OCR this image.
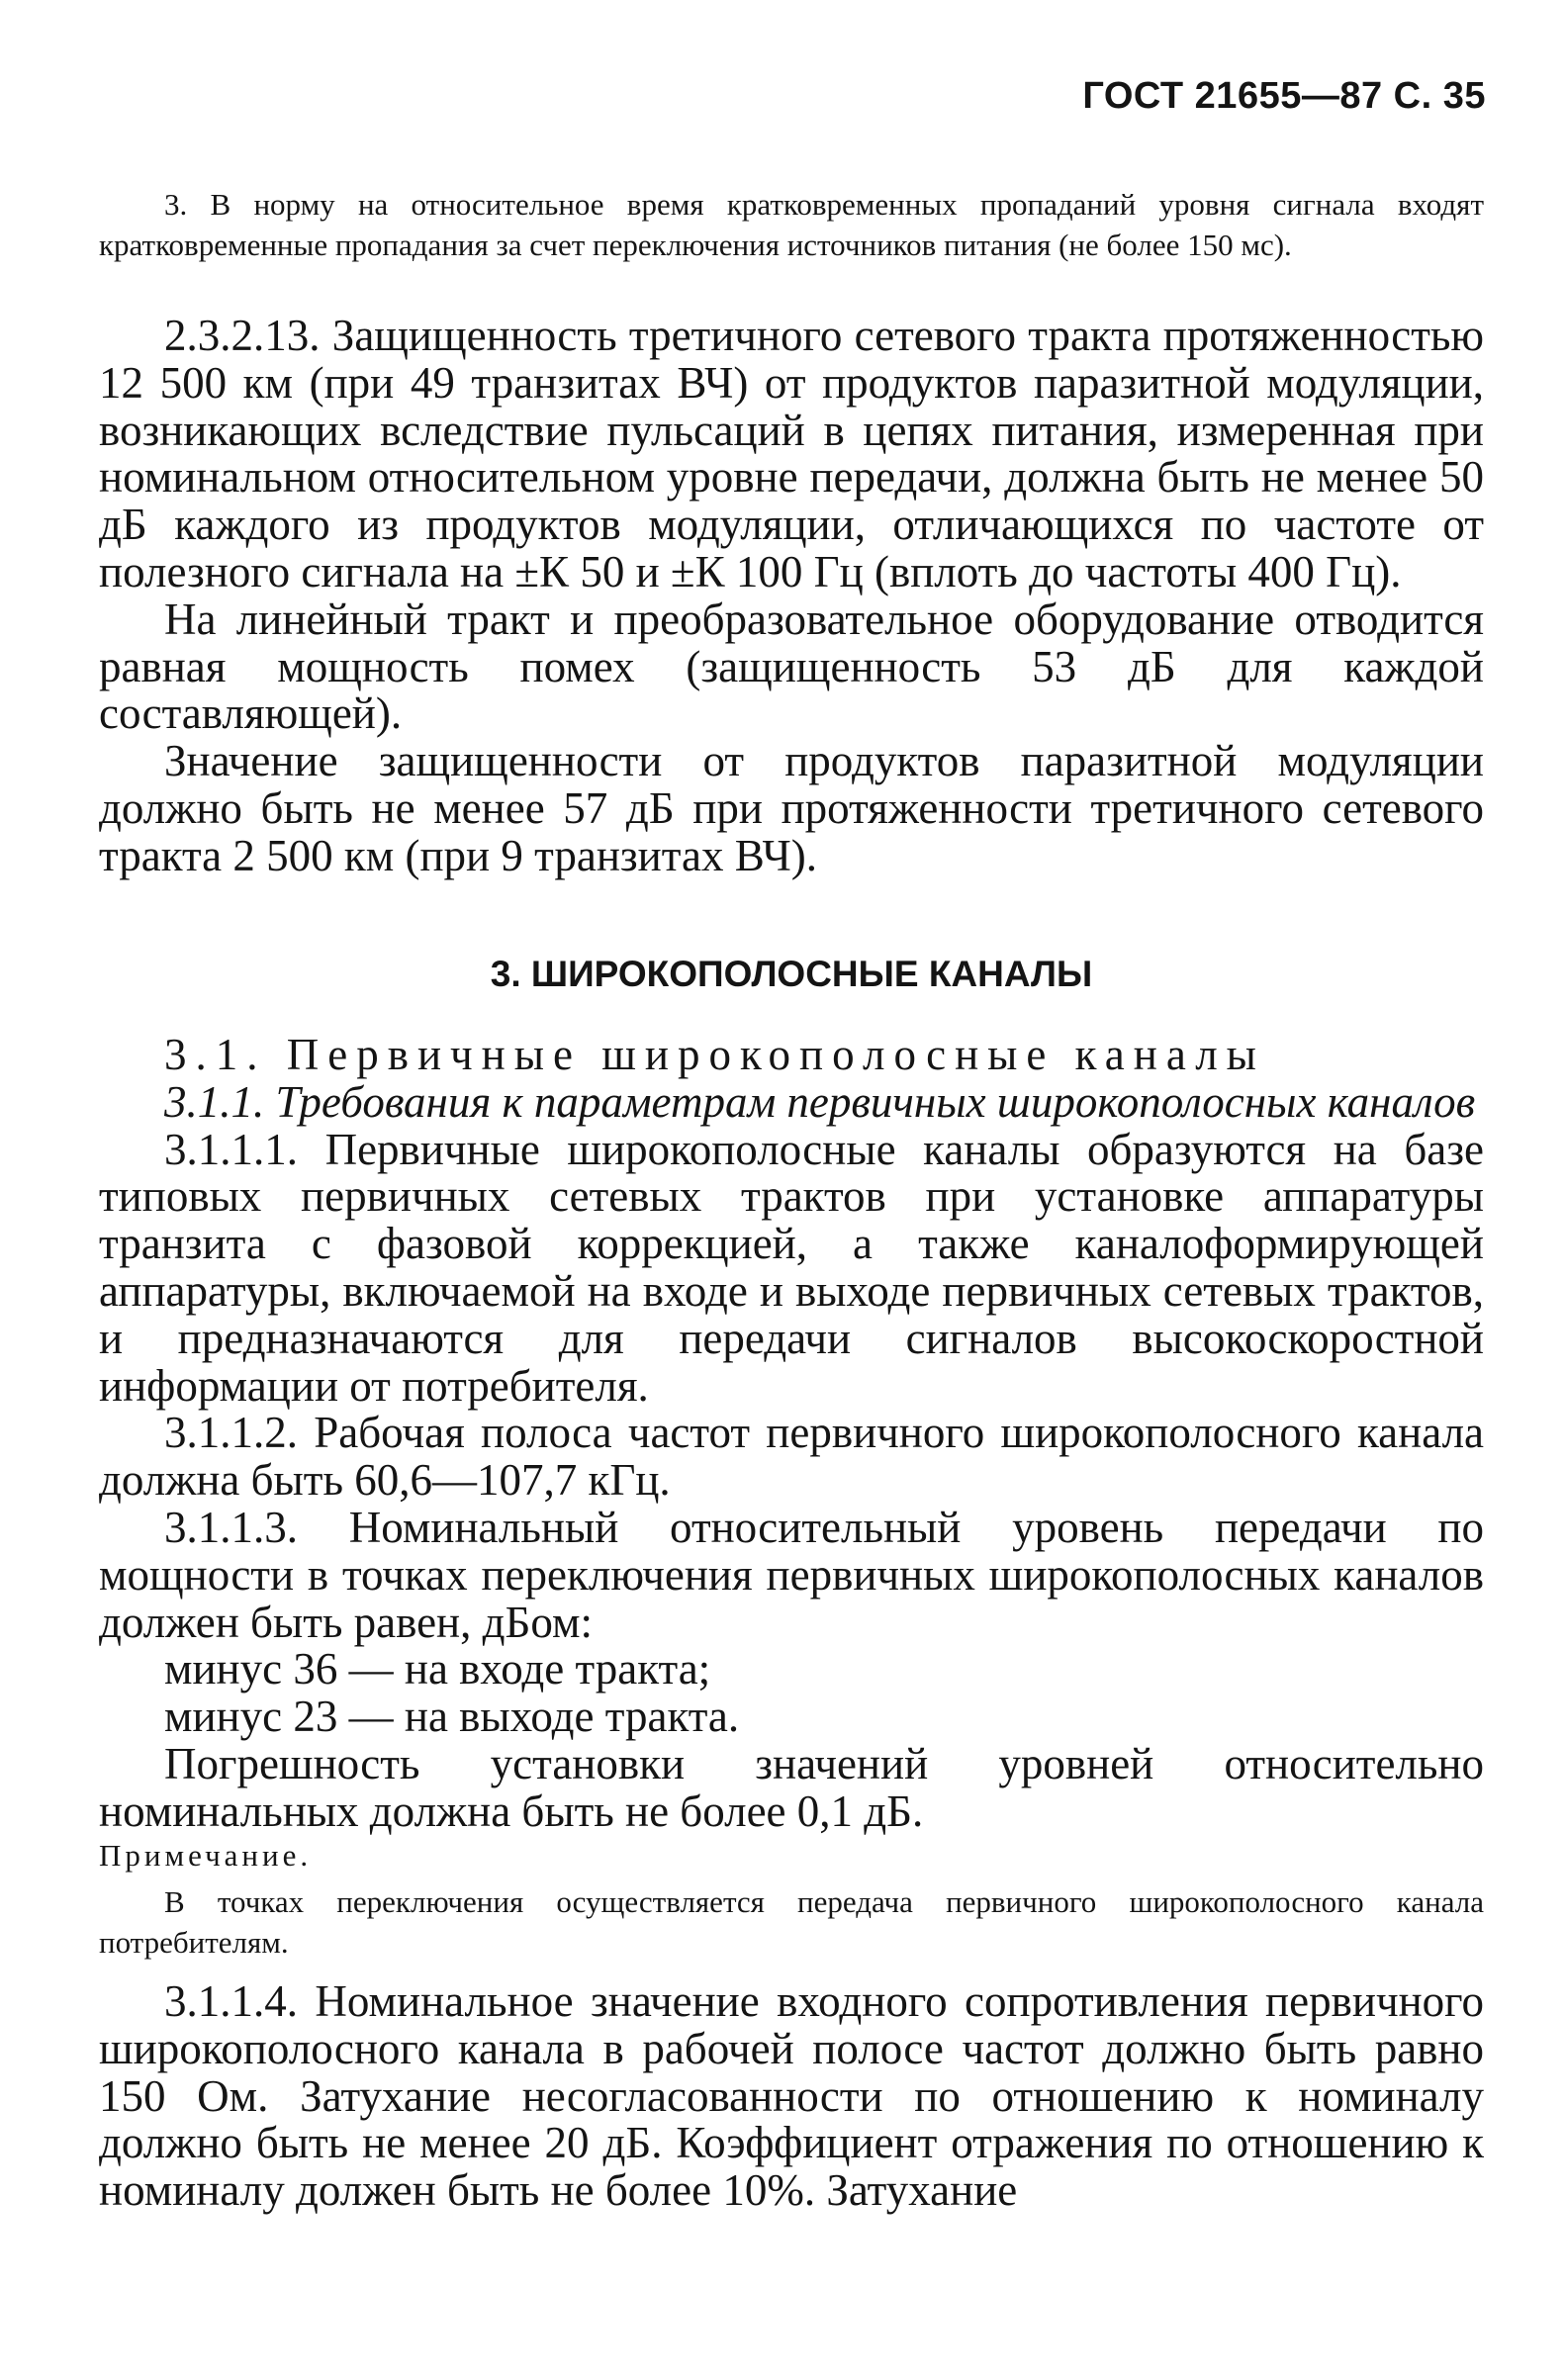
ГОСТ 21655—87 С. 35

3. В норму на относительное время кратковременных пропаданий уровня сигнала входят кратковременные пропадания за счет переключения источников питания (не более 150 мс).

2.3.2.13. Защищенность третичного сетевого тракта протяженностью 12 500 км (при 49 транзитах ВЧ) от продуктов паразитной модуляции, возникающих вследствие пульсаций в цепях питания, измеренная при номинальном относительном уровне передачи, должна быть не менее 50 дБ каждого из продуктов модуляции, отличающихся по частоте от полезного сигнала на ±К 50 и ±К 100 Гц (вплоть до частоты 400 Гц).

На линейный тракт и преобразовательное оборудование отводится равная мощность помех (защищенность 53 дБ для каждой составляющей).

Значение защищенности от продуктов паразитной модуляции должно быть не менее 57 дБ при протяженности третичного сетевого тракта 2 500 км (при 9 транзитах ВЧ).

3. ШИРОКОПОЛОСНЫЕ КАНАЛЫ

3.1. Первичные широкополосные каналы

3.1.1. Требования к параметрам первичных широкополосных каналов

3.1.1.1. Первичные широкополосные каналы образуются на базе типовых первичных сетевых трактов при установке аппаратуры транзита с фазовой коррекцией, а также каналоформирующей аппаратуры, включаемой на входе и выходе первичных сетевых трактов, и предназначаются для передачи сигналов высокоскоростной информации от потребителя.

3.1.1.2. Рабочая полоса частот первичного широкополосного канала должна быть 60,6—107,7 кГц.

3.1.1.3. Номинальный относительный уровень передачи по мощности в точках переключения первичных широкополосных каналов должен быть равен, дБом:

минус 36 — на входе тракта;

минус 23 — на выходе тракта.

Погрешность установки значений уровней относительно номинальных должна быть не более 0,1 дБ.

Примечание.

В точках переключения осуществляется передача первичного широкополосного канала потребителям.

3.1.1.4. Номинальное значение входного сопротивления первичного широкополосного канала в рабочей полосе частот должно быть равно 150 Ом. Затухание несогласованности по отношению к номиналу должно быть не менее 20 дБ. Коэффициент отражения по отношению к номиналу должен быть не более 10%. Затухание
